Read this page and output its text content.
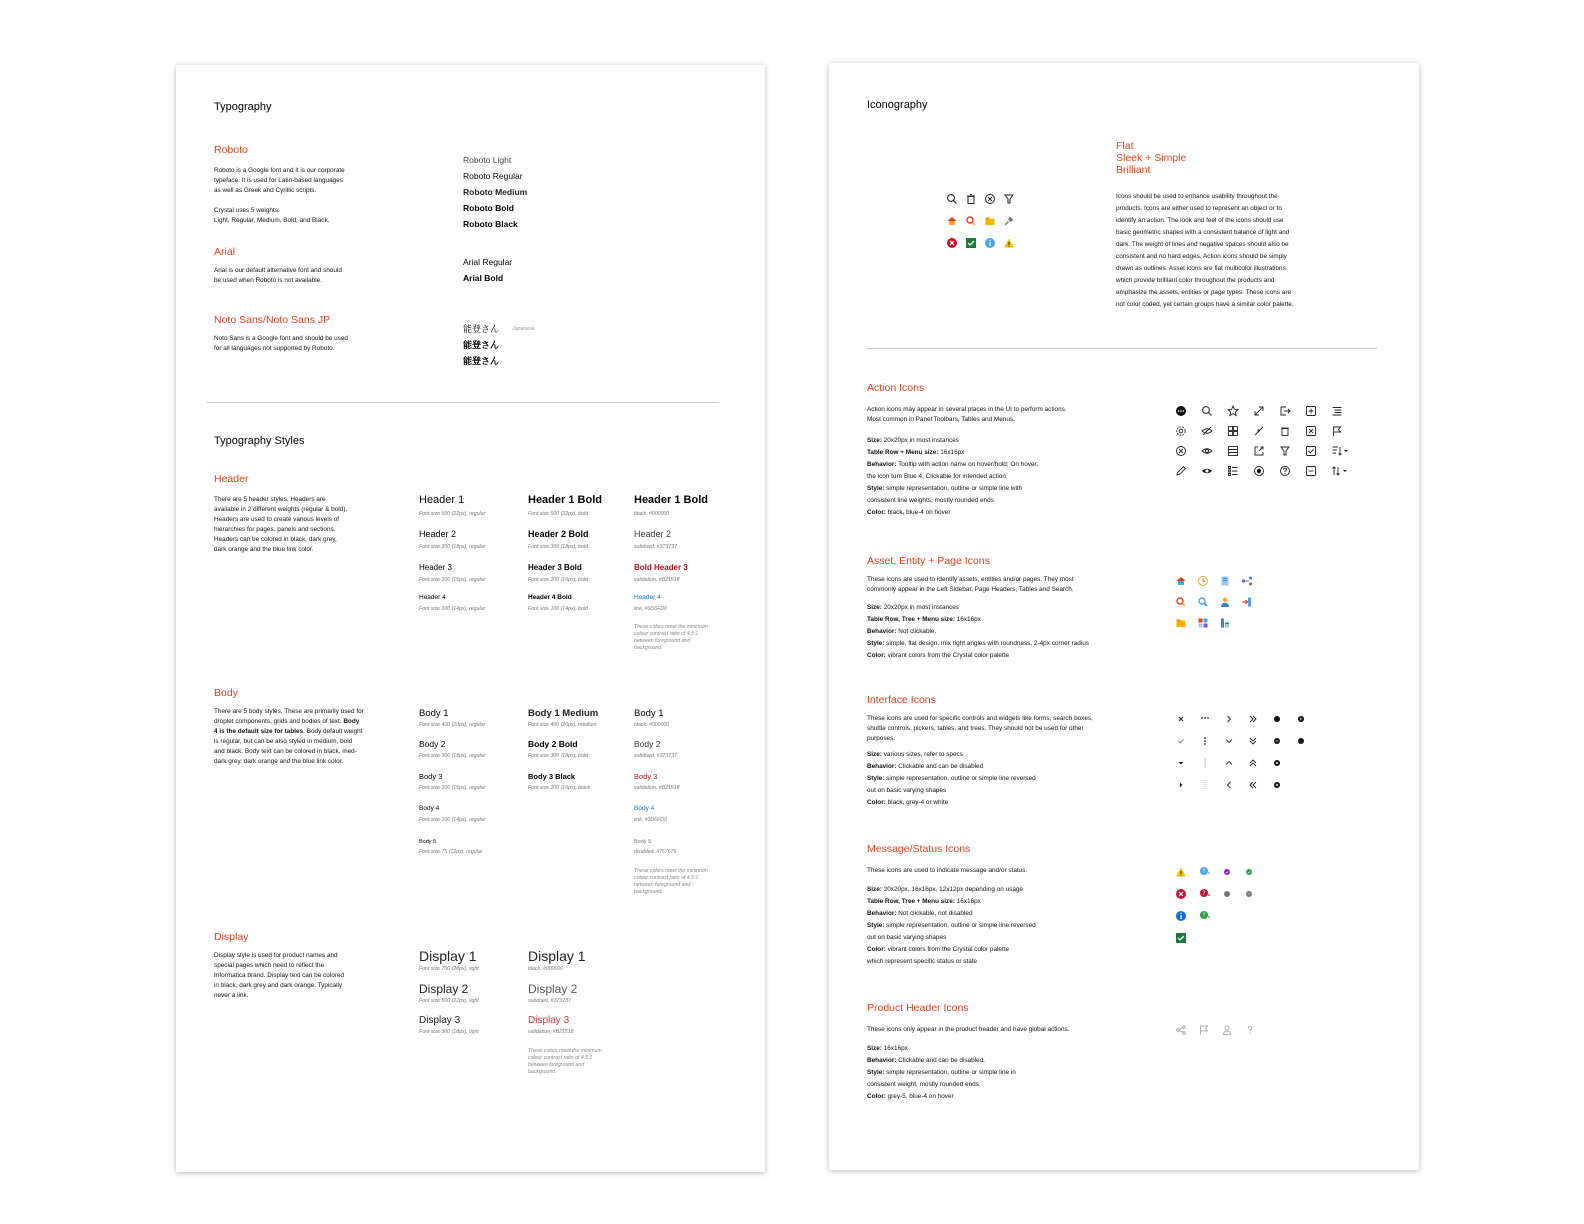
Typography
Roboto
Roboto is a Google font and it is our corporate
typeface. It is used for Latin-based languages
as well as Greek and Cyrillic scripts.
Crystal uses 5 weights:
Light, Regular, Medium, Bold, and Black.
Roboto Light
Roboto Regular
Roboto Medium
Roboto Bold
Roboto Black
Arial
Arial is our default alternative font and should
be used when Roboto is not available.
Arial Regular
Arial Bold
Noto Sans/Noto Sans JP
Noto Sans is a Google font and should be used
for all languages not supported by Roboto.
能登さん
能登さん
能登さん
Japanese
Typography Styles
Header
There are 5 header styles. Headers are
available in 2 different weights (regular & bold).
Headers are used to create various levels of
hierarchies for pages, panels and sections.
Headers can be colored in black, dark grey,
dark orange and the blue link color.
Header 1
Font size 500 (22px), regular
Header 2
Font size 300 (18px), regular
Header 3
Font size 200 (16px), regular
Header 4
Font size 100 (14px), regular
Header 1 Bold
Font size 500 (22px), bold
Header 2 Bold
Font size 300 (18px), bold
Header 3 Bold
Font size 200 (16px), bold
Header 4 Bold
Font size 100 (14px), bold
Header 1 Bold
black, #000000
Header 2
subdued, #373737
Bold Header 3
validation, #B21518
Header 4
link, #0D6FD0
These colors meet the minimum colour contrast ratio of 4.5:1 between foreground and background.
Body
There are 5 body styles. These are primarily used for droplet components, grids and bodies of text. Body 4 is the default size for tables. Body default weight is regular, but can be also styled in medium, bold and black. Body text can be colored in black, med-dark grey, dark orange and the blue link color.
Body 1
Font size 400 (20px), regular
Body 2
Font size 300 (18px), regular
Body 3
Font size 200 (16px), regular
Body 4
Font size 100 (14px), regular
Body 5
Font size 75 (12px), regular
Body 1 Medium
Font size 400 (20px), medium
Body 2 Bold
Font size 300 (18px), bold
Body 3 Black
Font size 200 (16px), black
Body 1
black, #000000
Body 2
subdued, #373737
Body 3
validation, #B21518
Body 4
link, #0D6FD0
Body 5
disabled, #767676
These colors meet the minimum colour contrast ratio of 4.5:1 between foreground and background.
Display
Display style is used for product names and
special pages which need to reflect the
Informatica brand. Display text can be colored
in black, dark grey and dark orange. Typically
never a link.
Display 1
Font size 700 (28px), light
Display 2
Font size 500 (22px), light
Display 3
Font size 300 (18px), light
Display 1
black, #000000
Display 2
subdued, #373737
Display 3
validation, #B21518
These colors meet the minimum colour contrast ratio of 4.5:1 between foreground and background.
Iconography
Flat
Sleek + Simple
Brilliant
Icons should be used to enhance usability throughout the
products. Icons are either used to represent an object or to
identify an action. The look and feel of the icons should use
basic geometric shapes with a consistent balance of light and
dark. The weight of lines and negative spaces should also be
consistent and no hard edges. Action icons should be simply
drawn as outlines. Asset icons are flat multicolor illustrations
which provide brilliant color throughout the products and
emphasize the assets, entities or page types. These icons are
not color coded, yet certain groups have a similar color palette.
Action Icons
Action icons may appear in several places in the UI to perform actions.
Most common in Panel Toolbars, Tables and Menus.
Size: 20x20px in most instances
Table Row + Menu size: 16x16px
Behavior: Tooltip with action name on hover/hold; On hover,
the icon turn Blue 4; Clickable for intended action.
Style: simple representation, outline or simple line with
consistent line weights, mostly rounded ends
Color: black, blue-4 on hover
Asset, Entity + Page Icons
These icons are used to identify assets, entities and/or pages. They most
commonly appear in the Left Sidebar, Page Headers, Tables and Search.
Size: 20x20px in most instances
Table Row, Tree + Menu size: 16x16px
Behavior: Not clickable.
Style: simple, flat design, mix right angles with roundness, 2-4px corner radius
Color: vibrant colors from the Crystal color palette
Interface Icons
These icons are used for specific controls and widgets like forms, search boxes,
shuttle controls, pickers, tables, and trees. They should not be used for other
purposes.
Size: various sizes, refer to specs
Behavior: Clickable and can be disabled
Style: simple representation, outline or simple line reversed
out on basic varying shapes
Color: black, grey-4 or white
Message/Status Icons
These icons are used to indicate message and/or status.
Size: 20x20px, 16x16px, 12x12px depending on usage
Table Row, Tree + Menu size: 16x16px
Behavior: Not clickable, not disabled
Style: simple representation, outline or simple line reversed
out on basic varying shapes
Color: vibrant colors from the Crystal color palette
which represent specific status or state
?
?
?
Product Header Icons
These icons only appear in the product header and have global actions.
Size: 16x16px
Behavior: Clickable and can be disabled.
Style: simple representation, outline or simple line in
consistent weight, mostly rounded ends
Color: grey-5, blue-4 on hover
